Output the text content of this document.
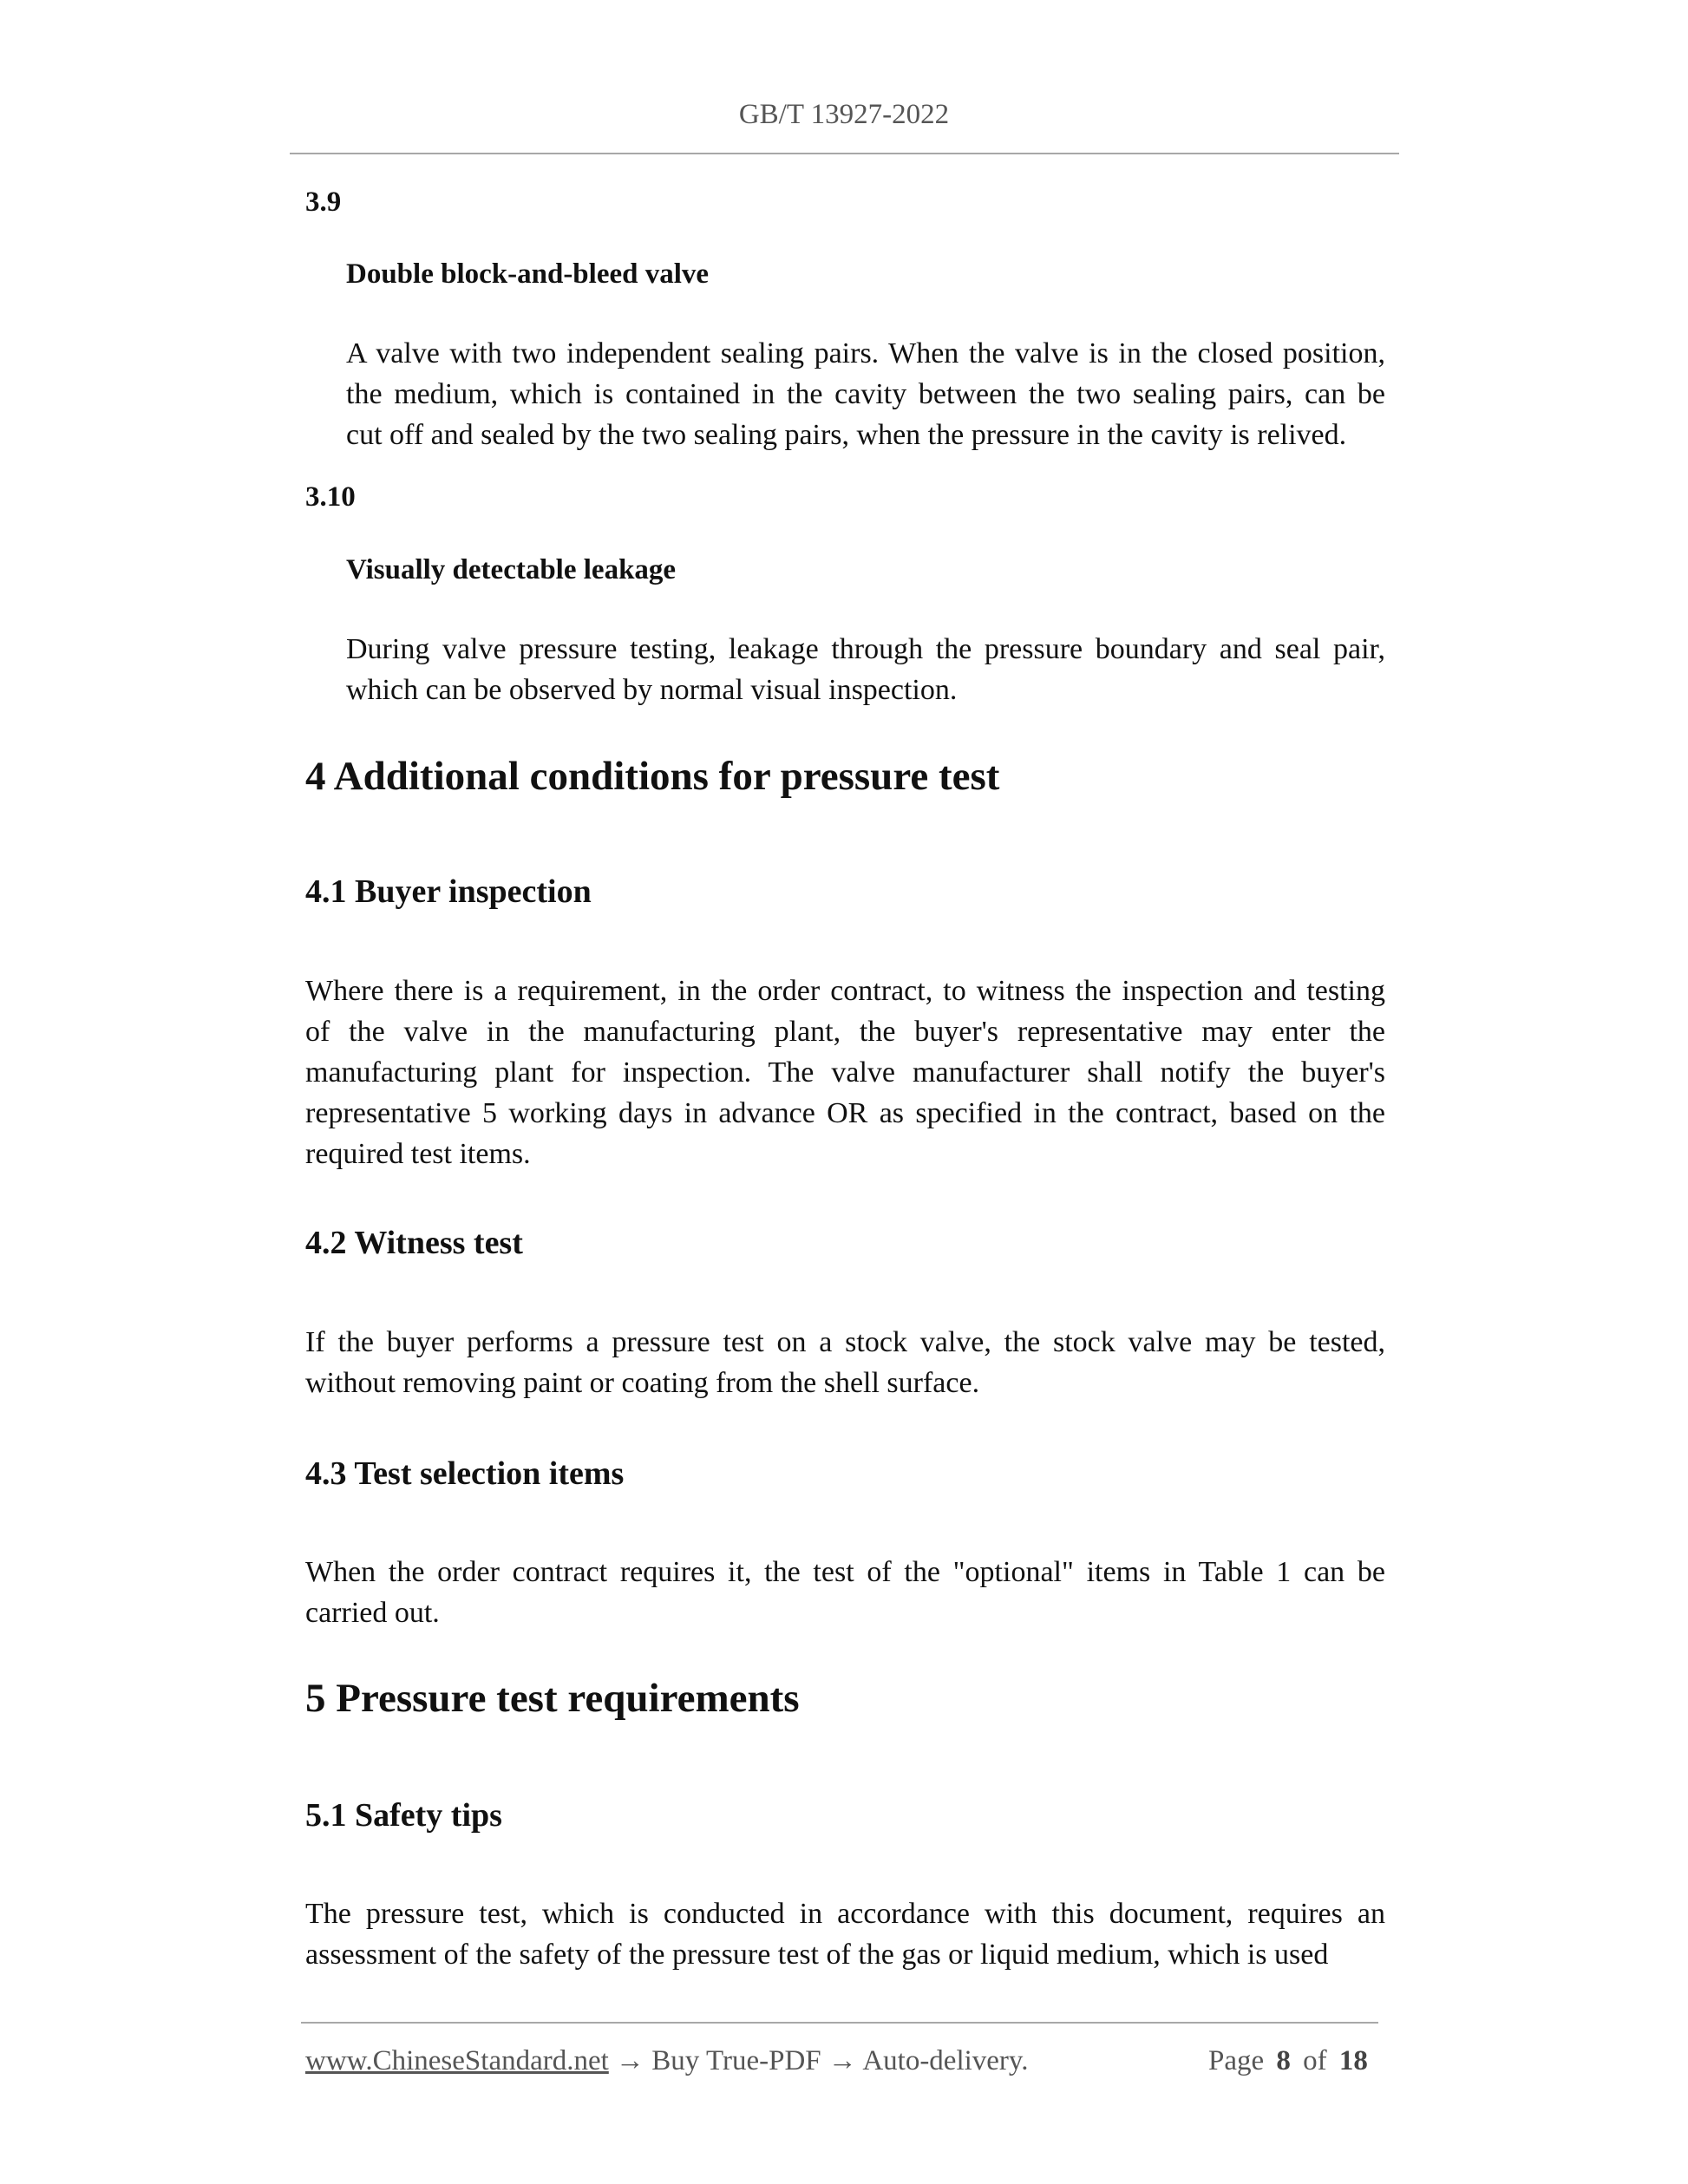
GB/T 13927-2022
3.9
Double block-and-bleed valve
A valve with two independent sealing pairs. When the valve is in the closed position,
the medium, which is contained in the cavity between the two sealing pairs, can be
cut off and sealed by the two sealing pairs, when the pressure in the cavity is relived.
3.10
Visually detectable leakage
During valve pressure testing, leakage through the pressure boundary and seal pair,
which can be observed by normal visual inspection.
4 Additional conditions for pressure test
4.1 Buyer inspection
Where there is a requirement, in the order contract, to witness the inspection and testing
of the valve in the manufacturing plant, the buyer's representative may enter the
manufacturing plant for inspection. The valve manufacturer shall notify the buyer's
representative 5 working days in advance OR as specified in the contract, based on the
required test items.
4.2 Witness test
If the buyer performs a pressure test on a stock valve, the stock valve may be tested,
without removing paint or coating from the shell surface.
4.3 Test selection items
When the order contract requires it, the test of the "optional" items in Table 1 can be
carried out.
5 Pressure test requirements
5.1 Safety tips
The pressure test, which is conducted in accordance with this document, requires an
assessment of the safety of the pressure test of the gas or liquid medium, which is used
www.ChineseStandard.net → Buy True-PDF → Auto-delivery.	Page 8 of 18
